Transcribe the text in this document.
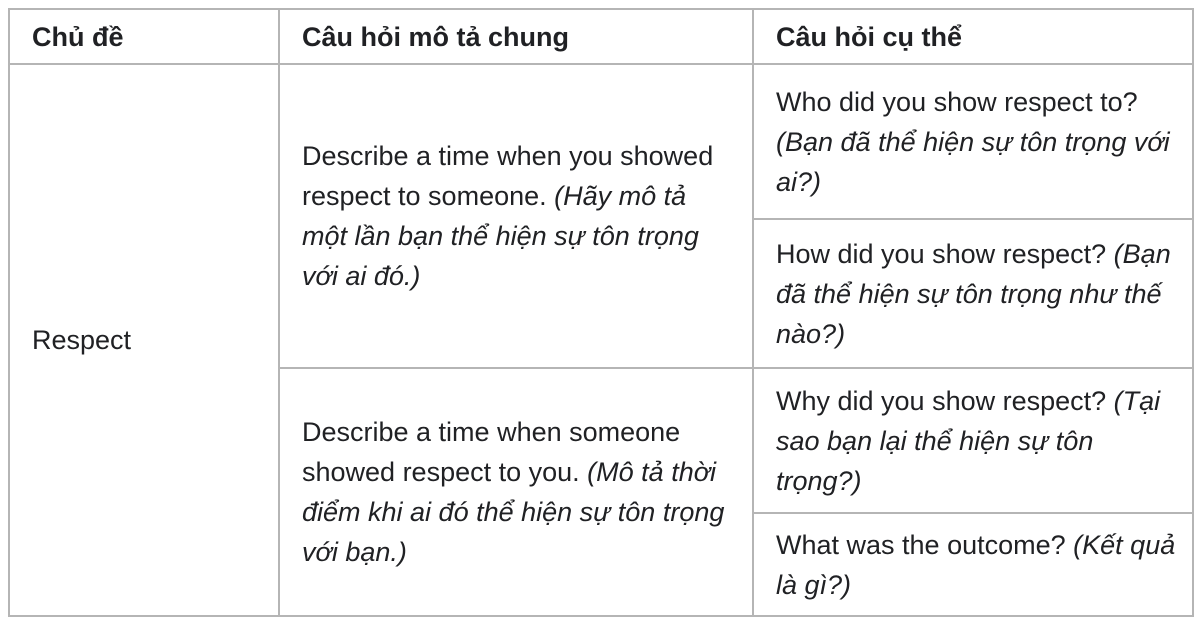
Chủ đề	Câu hỏi mô tả chung	Câu hỏi cụ thể
Respect	Describe a time when you showed respect to someone. (Hãy mô tả một lần bạn thể hiện sự tôn trọng với ai đó.)	Who did you show respect to? (Bạn đã thể hiện sự tôn trọng với ai?)
		How did you show respect? (Bạn đã thể hiện sự tôn trọng như thế nào?)
	Describe a time when someone showed respect to you. (Mô tả thời điểm khi ai đó thể hiện sự tôn trọng với bạn.)	Why did you show respect? (Tại sao bạn lại thể hiện sự tôn trọng?)
		What was the outcome? (Kết quả là gì?)
